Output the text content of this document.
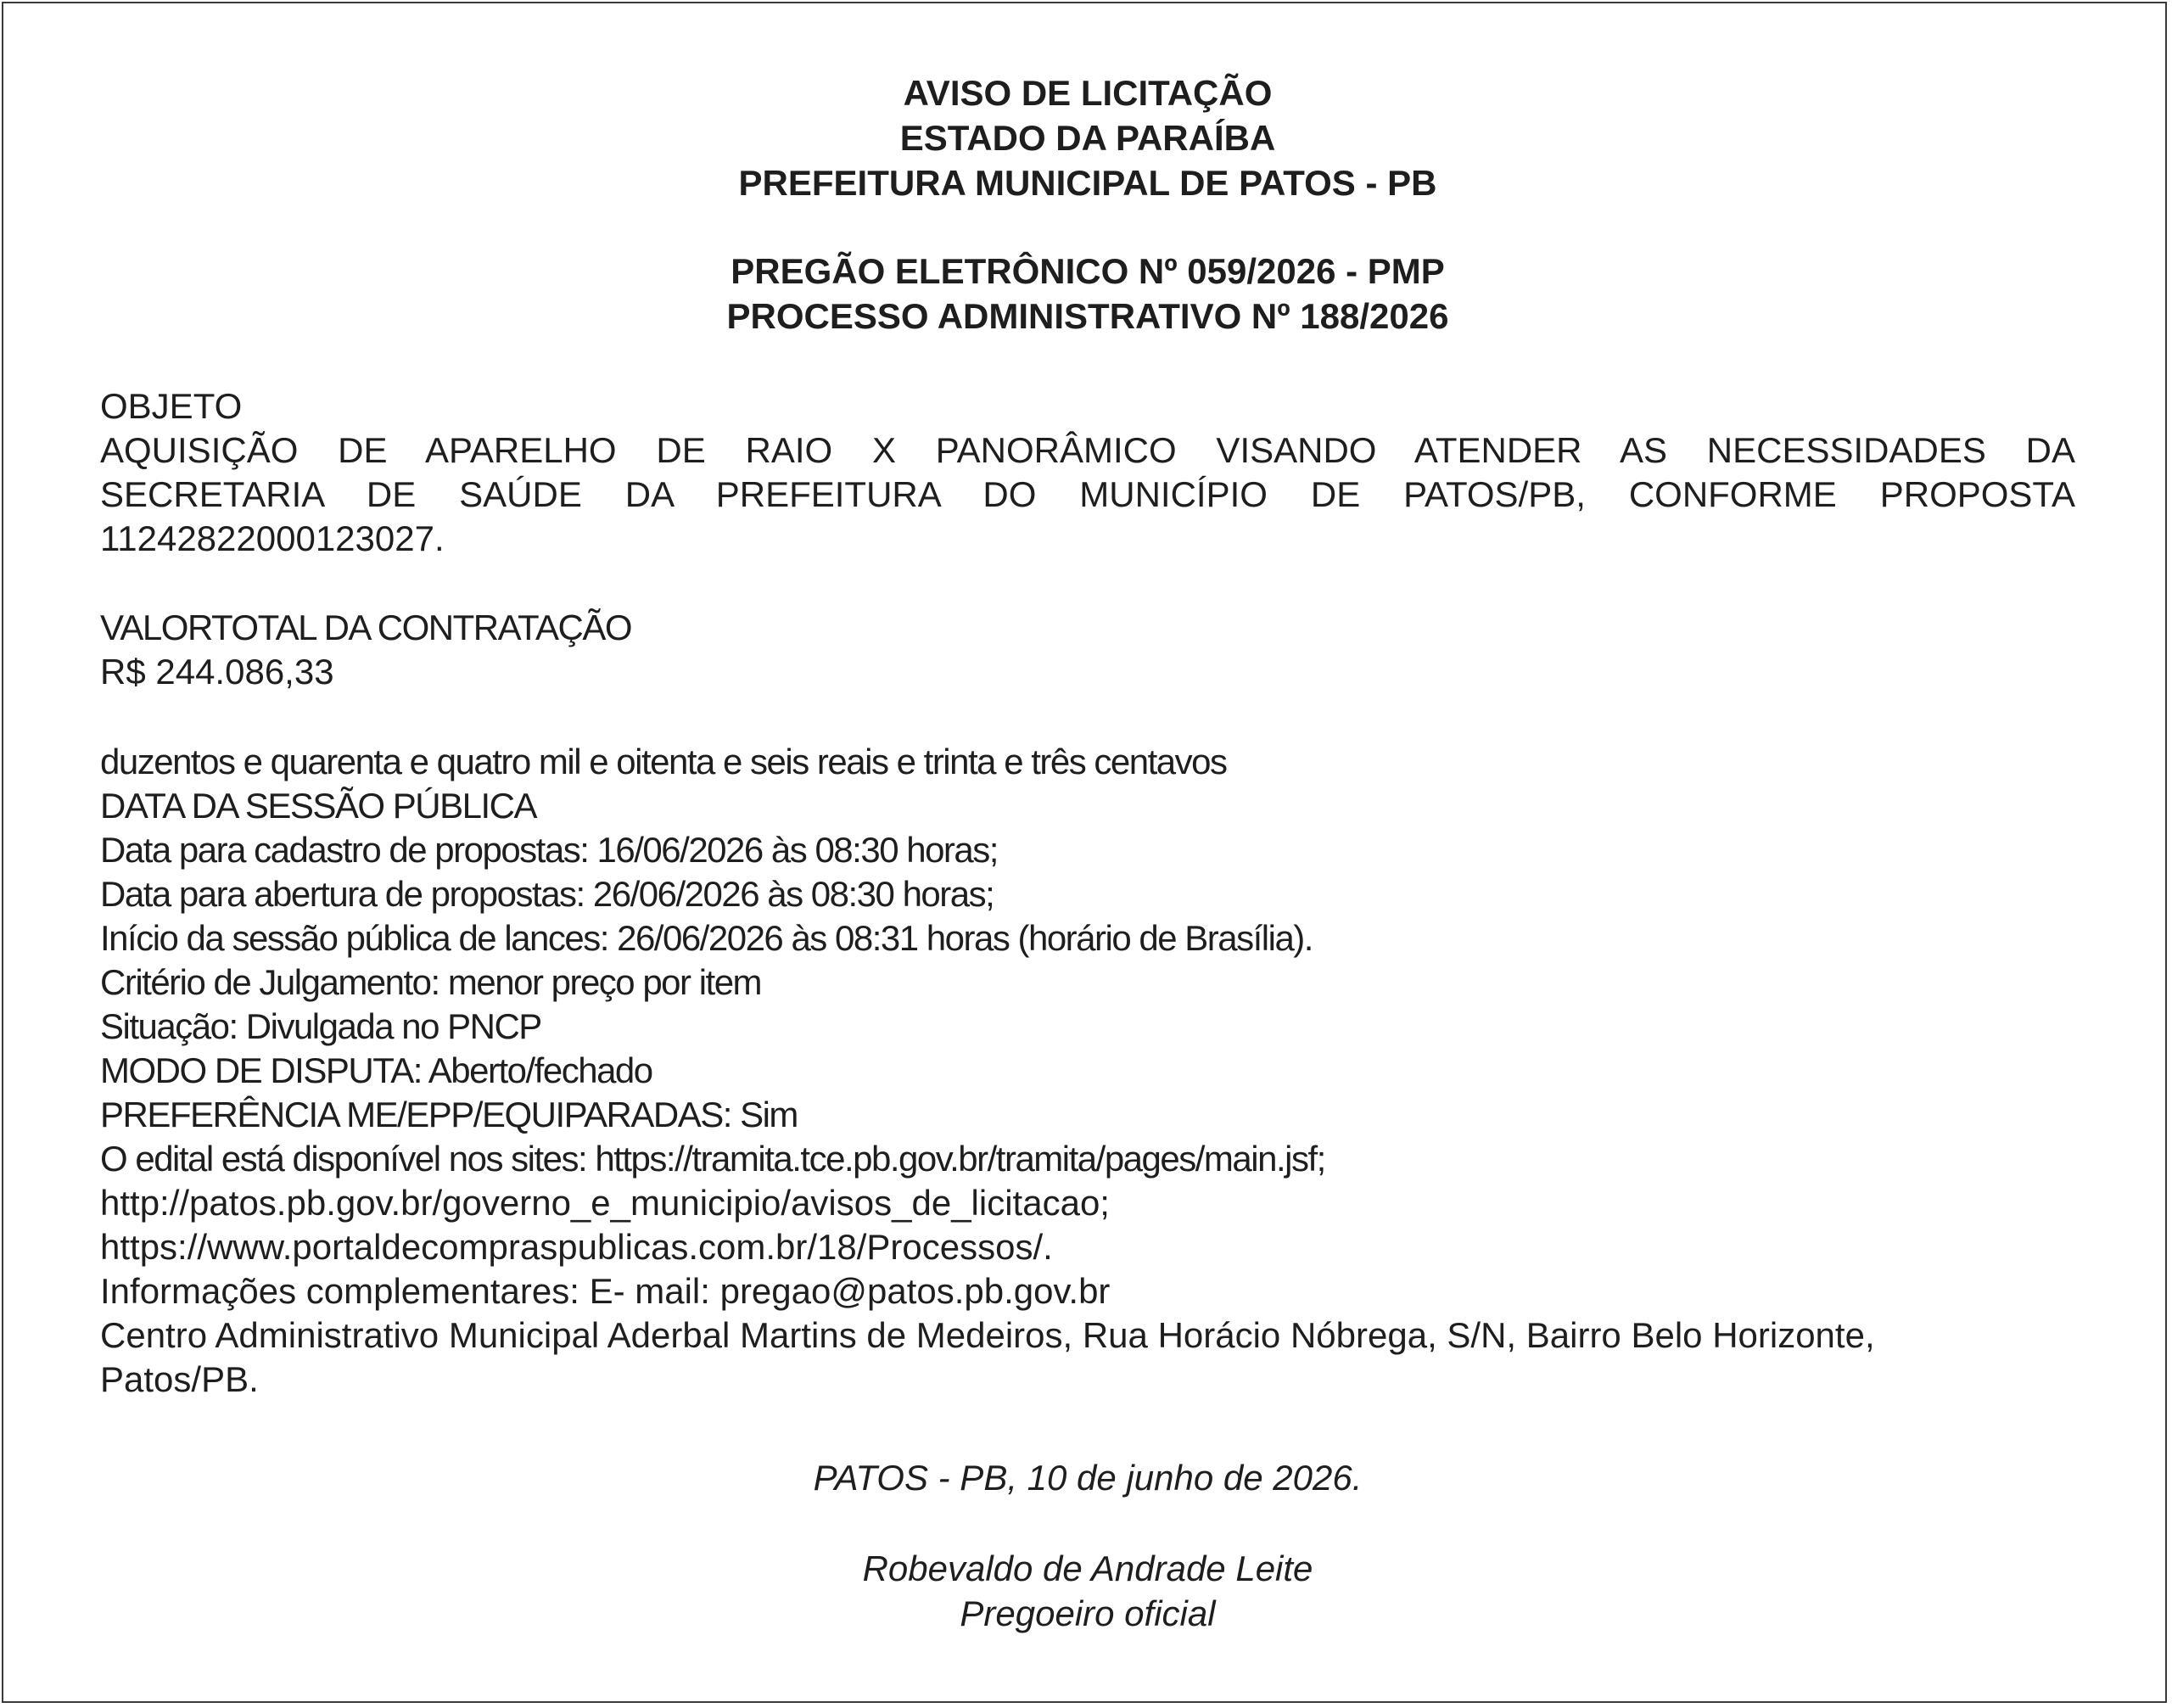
AVISO DE LICITAÇÃO
ESTADO DA PARAÍBA
PREFEITURA MUNICIPAL DE PATOS - PB
PREGÃO ELETRÔNICO Nº 059/2026 - PMP
PROCESSO ADMINISTRATIVO Nº 188/2026
OBJETO
AQUISIÇÃO DE APARELHO DE RAIO X PANORÂMICO VISANDO ATENDER AS NECESSIDADES DA
SECRETARIA DE SAÚDE DA PREFEITURA DO MUNICÍPIO DE PATOS/PB, CONFORME PROPOSTA
11242822000123027.
VALORTOTAL DA CONTRATAÇÃO
R$ 244.086,33
duzentos e quarenta e quatro mil e oitenta e seis reais e trinta e três centavos
DATA DA SESSÃO PÚBLICA
Data para cadastro de propostas: 16/06/2026 às 08:30 horas;
Data para abertura de propostas: 26/06/2026 às 08:30 horas;
Início da sessão pública de lances: 26/06/2026 às 08:31 horas (horário de Brasília).
Critério de Julgamento: menor preço por item
Situação: Divulgada no PNCP
MODO DE DISPUTA: Aberto/fechado
PREFERÊNCIA ME/EPP/EQUIPARADAS: Sim
O edital está disponível nos sites: https://tramita.tce.pb.gov.br/tramita/pages/main.jsf;
http://patos.pb.gov.br/governo_e_municipio/avisos_de_licitacao;
https://www.portaldecompraspublicas.com.br/18/Processos/.
Informações complementares: E- mail: pregao@patos.pb.gov.br
Centro Administrativo Municipal Aderbal Martins de Medeiros, Rua Horácio Nóbrega, S/N, Bairro Belo Horizonte,
Patos/PB.
PATOS - PB, 10 de junho de 2026.
Robevaldo de Andrade Leite
Pregoeiro oficial
